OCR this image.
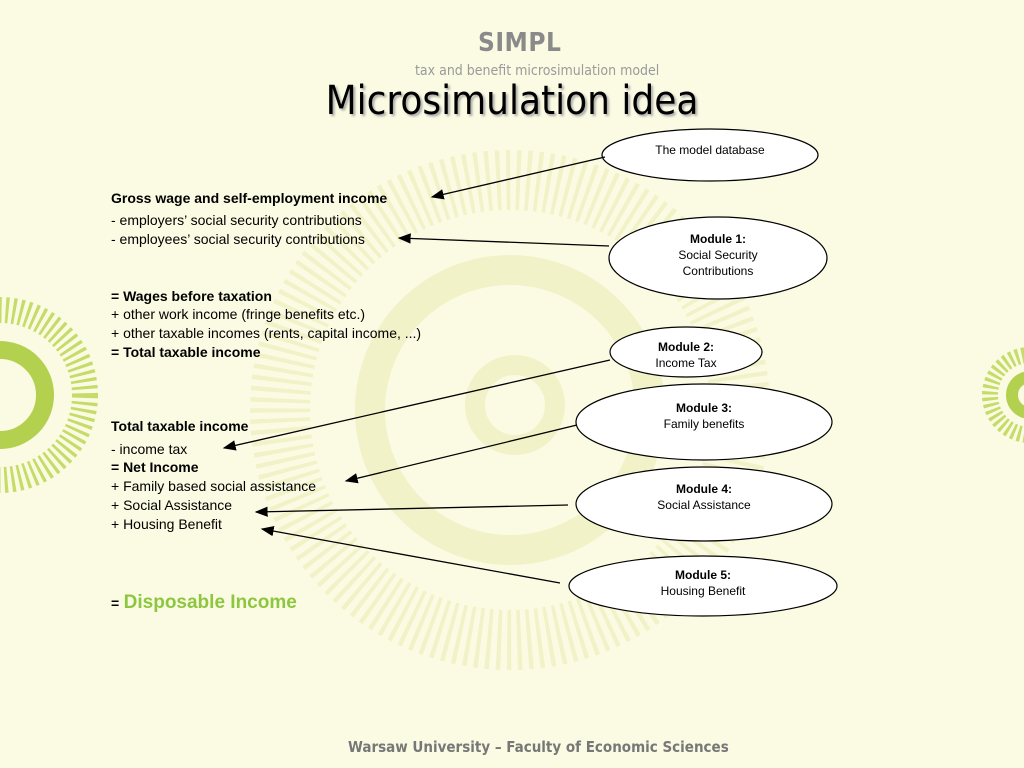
SIMPL
tax and benefit microsimulation model
Microsimulation idea
Gross wage and self-employment income
- employers’ social security contributions
- employees’ social security contributions
= Wages before taxation
+ other work income (fringe benefits etc.)
+ other taxable incomes (rents, capital income, ...)
= Total taxable income
Total taxable income
- income tax
= Net Income
+ Family based social assistance
+ Social Assistance
+ Housing Benefit
= Disposable Income
The model database
Module 1:
Social Security
Contributions
Module 2:
Income Tax
Module 3:
Family benefits
Module 4:
Social Assistance
Module 5:
Housing Benefit
Warsaw University – Faculty of Economic Sciences
